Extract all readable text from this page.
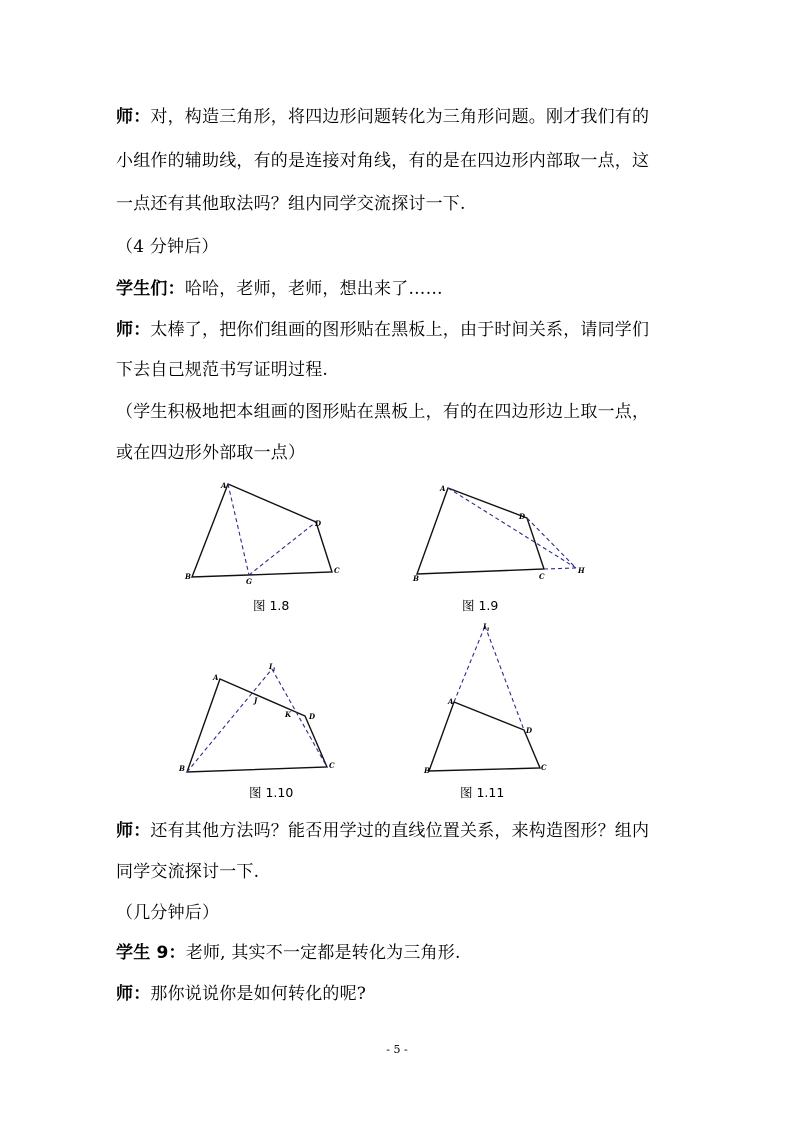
师：对，构造三角形，将四边形问题转化为三角形问题。刚才我们有的
小组作的辅助线，有的是连接对角线，有的是在四边形内部取一点，这
一点还有其他取法吗？组内同学交流探讨一下.
（4 分钟后）
学生们：哈哈，老师，老师，想出来了……
师：太棒了，把你们组画的图形贴在黑板上，由于时间关系，请同学们
下去自己规范书写证明过程.
（学生积极地把本组画的图形贴在黑板上，有的在四边形边上取一点，
或在四边形外部取一点）
A
D
C
B
G
图 1.8
A
D
C
B
H
图 1.9
$I_1$
A
J
K	D
C
B
图 1.10
$I_1$
A
D
C
B
图 1.11
师：还有其他方法吗？能否用学过的直线位置关系，来构造图形？组内
同学交流探讨一下.
（几分钟后）
学生 9：老师, 其实不一定都是转化为三角形.
师：那你说说你是如何转化的呢?
- 5 -
